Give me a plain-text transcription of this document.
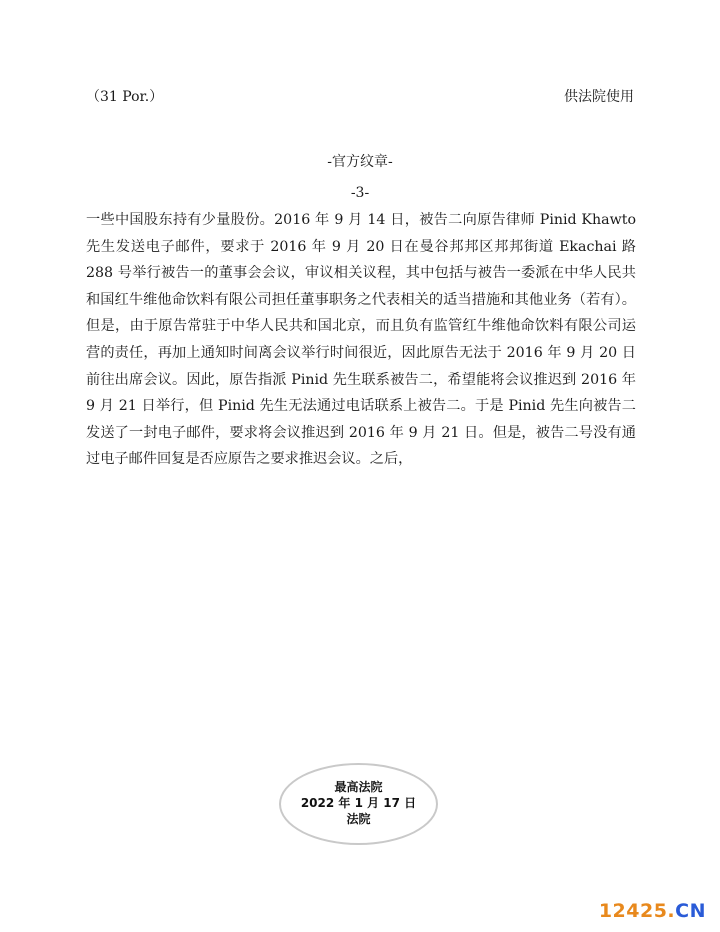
（31 Por.）	供法院使用
-官方纹章-
-3-

一些中国股东持有少量股份。2016 年 9 月 14 日，被告二向原告律师 Pinid Khawto 先生发送电子邮件，要求于 2016 年 9 月 20 日在曼谷邦邦区邦邦街道 Ekachai 路 288 号举行被告一的董事会会议，审议相关议程，其中包括与被告一委派在中华人民共和国红牛维他命饮料有限公司担任董事职务之代表相关的适当措施和其他业务（若有）。但是，由于原告常驻于中华人民共和国北京，而且负有监管红牛维他命饮料有限公司运营的责任，再加上通知时间离会议举行时间很近，因此原告无法于 2016 年 9 月 20 日前往出席会议。因此，原告指派 Pinid 先生联系被告二，希望能将会议推迟到 2016 年 9 月 21 日举行，但 Pinid 先生无法通过电话联系上被告二。于是 Pinid 先生向被告二发送了一封电子邮件，要求将会议推迟到 2016 年 9 月 21 日。但是，被告二号没有通过电子邮件回复是否应原告之要求推迟会议。之后，

最高法院
2022 年 1 月 17 日
法院
12425.CN
